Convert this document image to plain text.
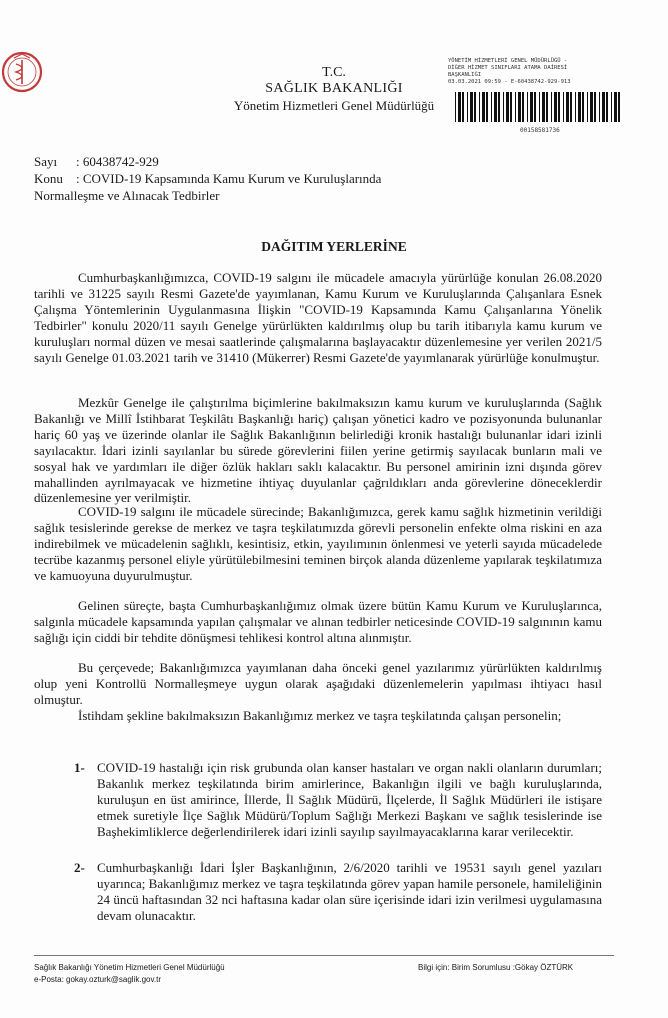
T.C.
SAĞLIK BAKANLIĞI
Yönetim Hizmetleri Genel Müdürlüğü
YÖNETİM HİZMETLERİ GENEL MÜDÜRLÜĞÜ -
DİĞER HİZMET SINIFLARI ATAMA DAİRESİ
BAŞKANLIĞI
03.03.2021 09:59 - E-60438742-929-913
00158581736
Sayı : 60438742-929
Konu : COVID-19 Kapsamında Kamu Kurum ve Kuruluşlarında
Normalleşme ve Alınacak Tedbirler
DAĞITIM YERLERİNE

Cumhurbaşkanlığımızca, COVID-19 salgını ile mücadele amacıyla yürürlüğe konulan 26.08.2020 tarihli ve 31225 sayılı Resmi Gazete'de yayımlanan, Kamu Kurum ve Kuruluşlarında Çalışanlara Esnek Çalışma Yöntemlerinin Uygulanmasına İlişkin "COVID-19 Kapsamında Kamu Çalışanlarına Yönelik Tedbirler" konulu 2020/11 sayılı Genelge yürürlükten kaldırılmış olup bu tarih itibarıyla kamu kurum ve kuruluşları normal düzen ve mesai saatlerinde çalışmalarına başlayacaktır düzenlemesine yer verilen 2021/5 sayılı Genelge 01.03.2021 tarih ve 31410 (Mükerrer) Resmi Gazete'de yayımlanarak yürürlüğe konulmuştur.

Mezkûr Genelge ile çalıştırılma biçimlerine bakılmaksızın kamu kurum ve kuruluşlarında (Sağlık Bakanlığı ve Millî İstihbarat Teşkilâtı Başkanlığı hariç) çalışan yönetici kadro ve pozisyonunda bulunanlar hariç 60 yaş ve üzerinde olanlar ile Sağlık Bakanlığının belirlediği kronik hastalığı bulunanlar idari izinli sayılacaktır. İdari izinli sayılanlar bu sürede görevlerini fiilen yerine getirmiş sayılacak bunların mali ve sosyal hak ve yardımları ile diğer özlük hakları saklı kalacaktır. Bu personel amirinin izni dışında görev mahallinden ayrılmayacak ve hizmetine ihtiyaç duyulanlar çağrıldıkları anda görevlerine döneceklerdir düzenlemesine yer verilmiştir.

COVID-19 salgını ile mücadele sürecinde; Bakanlığımızca, gerek kamu sağlık hizmetinin verildiği sağlık tesislerinde gerekse de merkez ve taşra teşkilatımızda görevli personelin enfekte olma riskini en aza indirebilmek ve mücadelenin sağlıklı, kesintisiz, etkin, yayılımının önlenmesi ve yeterli sayıda mücadelede tecrübe kazanmış personel eliyle yürütülebilmesini teminen birçok alanda düzenleme yapılarak teşkilatımıza ve kamuoyuna duyurulmuştur.

Gelinen süreçte, başta Cumhurbaşkanlığımız olmak üzere bütün Kamu Kurum ve Kuruluşlarınca, salgınla mücadele kapsamında yapılan çalışmalar ve alınan tedbirler neticesinde COVID-19 salgınının kamu sağlığı için ciddi bir tehdite dönüşmesi tehlikesi kontrol altına alınmıştır.

Bu çerçevede; Bakanlığımızca yayımlanan daha önceki genel yazılarımız yürürlükten kaldırılmış olup yeni Kontrollü Normalleşmeye uygun olarak aşağıdaki düzenlemelerin yapılması ihtiyacı hasıl olmuştur.

İstihdam şekline bakılmaksızın Bakanlığımız merkez ve taşra teşkilatında çalışan personelin;

1- COVID-19 hastalığı için risk grubunda olan kanser hastaları ve organ nakli olanların durumları; Bakanlık merkez teşkilatında birim amirlerince, Bakanlığın ilgili ve bağlı kuruluşlarında, kuruluşun en üst amirince, İllerde, İl Sağlık Müdürü, İlçelerde, İl Sağlık Müdürleri ile istişare etmek suretiyle İlçe Sağlık Müdürü/Toplum Sağlığı Merkezi Başkanı ve sağlık tesislerinde ise Başhekimliklerce değerlendirilerek idari izinli sayılıp sayılmayacaklarına karar verilecektir.
2- Cumhurbaşkanlığı İdari İşler Başkanlığının, 2/6/2020 tarihli ve 19531 sayılı genel yazıları uyarınca; Bakanlığımız merkez ve taşra teşkilatında görev yapan hamile personele, hamileliğinin 24 üncü haftasından 32 nci haftasına kadar olan süre içerisinde idari izin verilmesi uygulamasına devam olunacaktır.
Sağlık Bakanlığı Yönetim Hizmetleri Genel Müdürlüğü
e-Posta: gokay.ozturk@saglik.gov.tr
Bilgi için: Birim Sorumlusu :Gökay ÖZTÜRK
